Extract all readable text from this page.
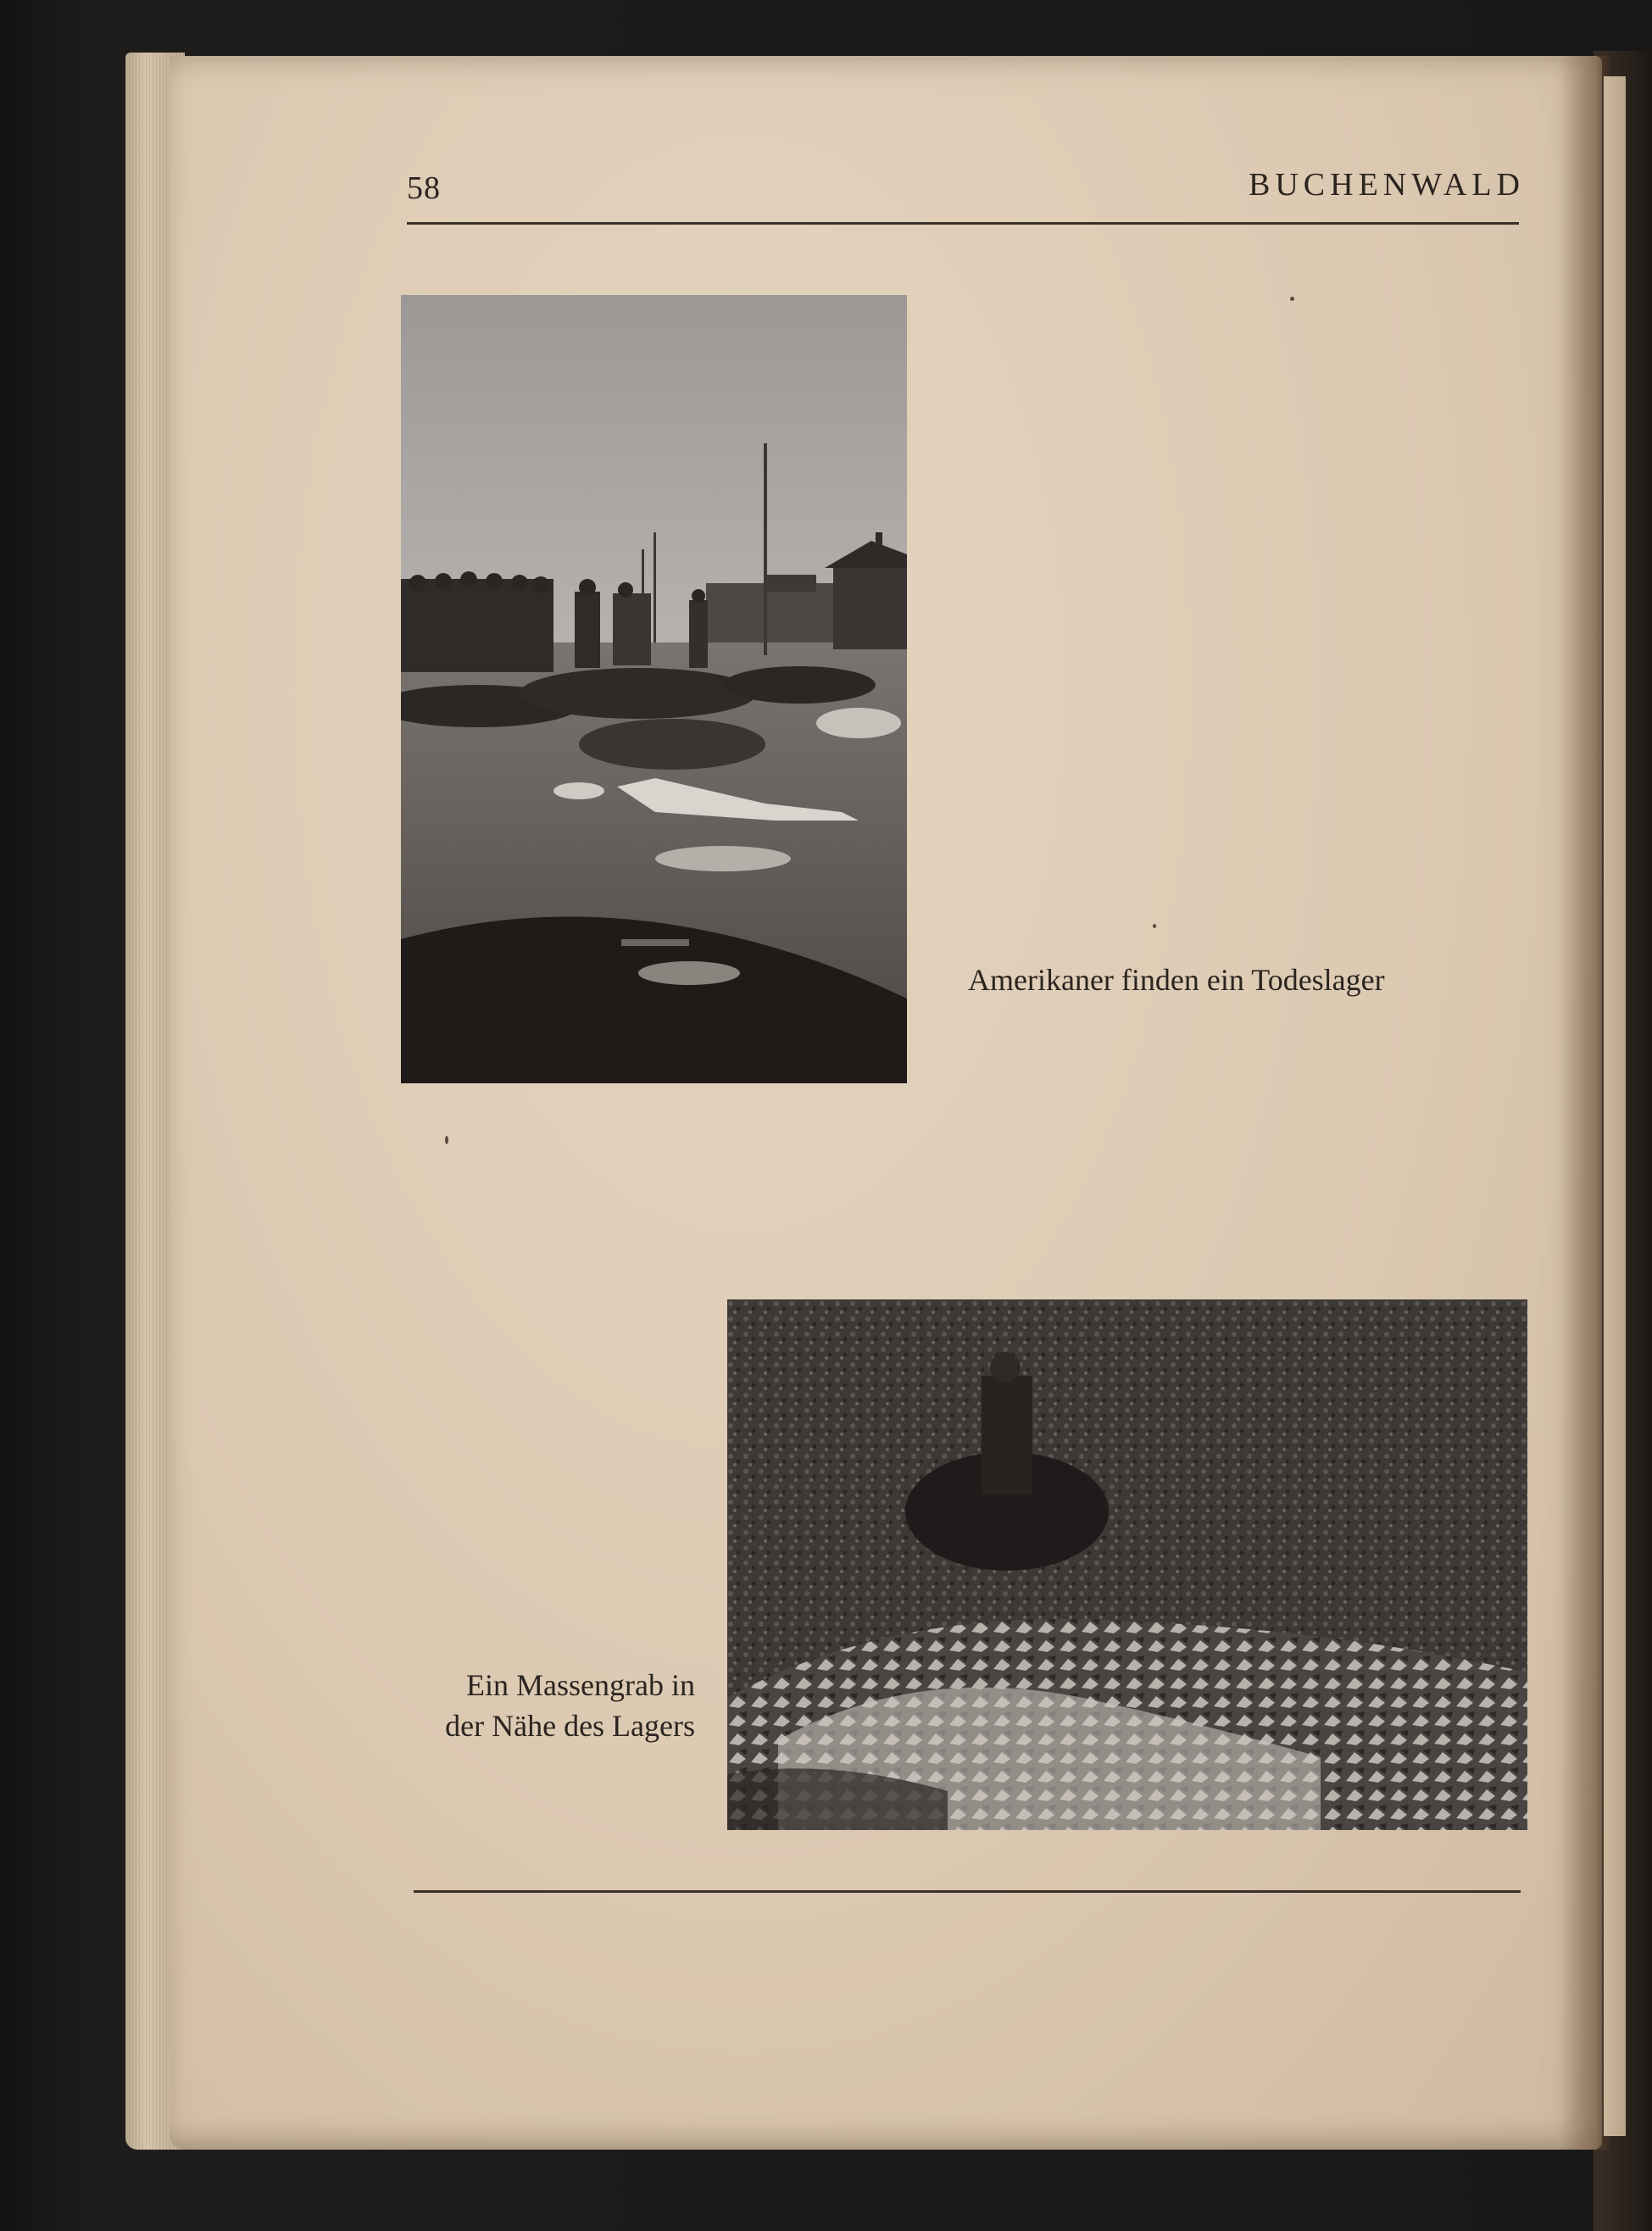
58	BUCHENWALD
Amerikaner finden ein Todeslager
Ein Massengrab in
der Nähe des Lagers
